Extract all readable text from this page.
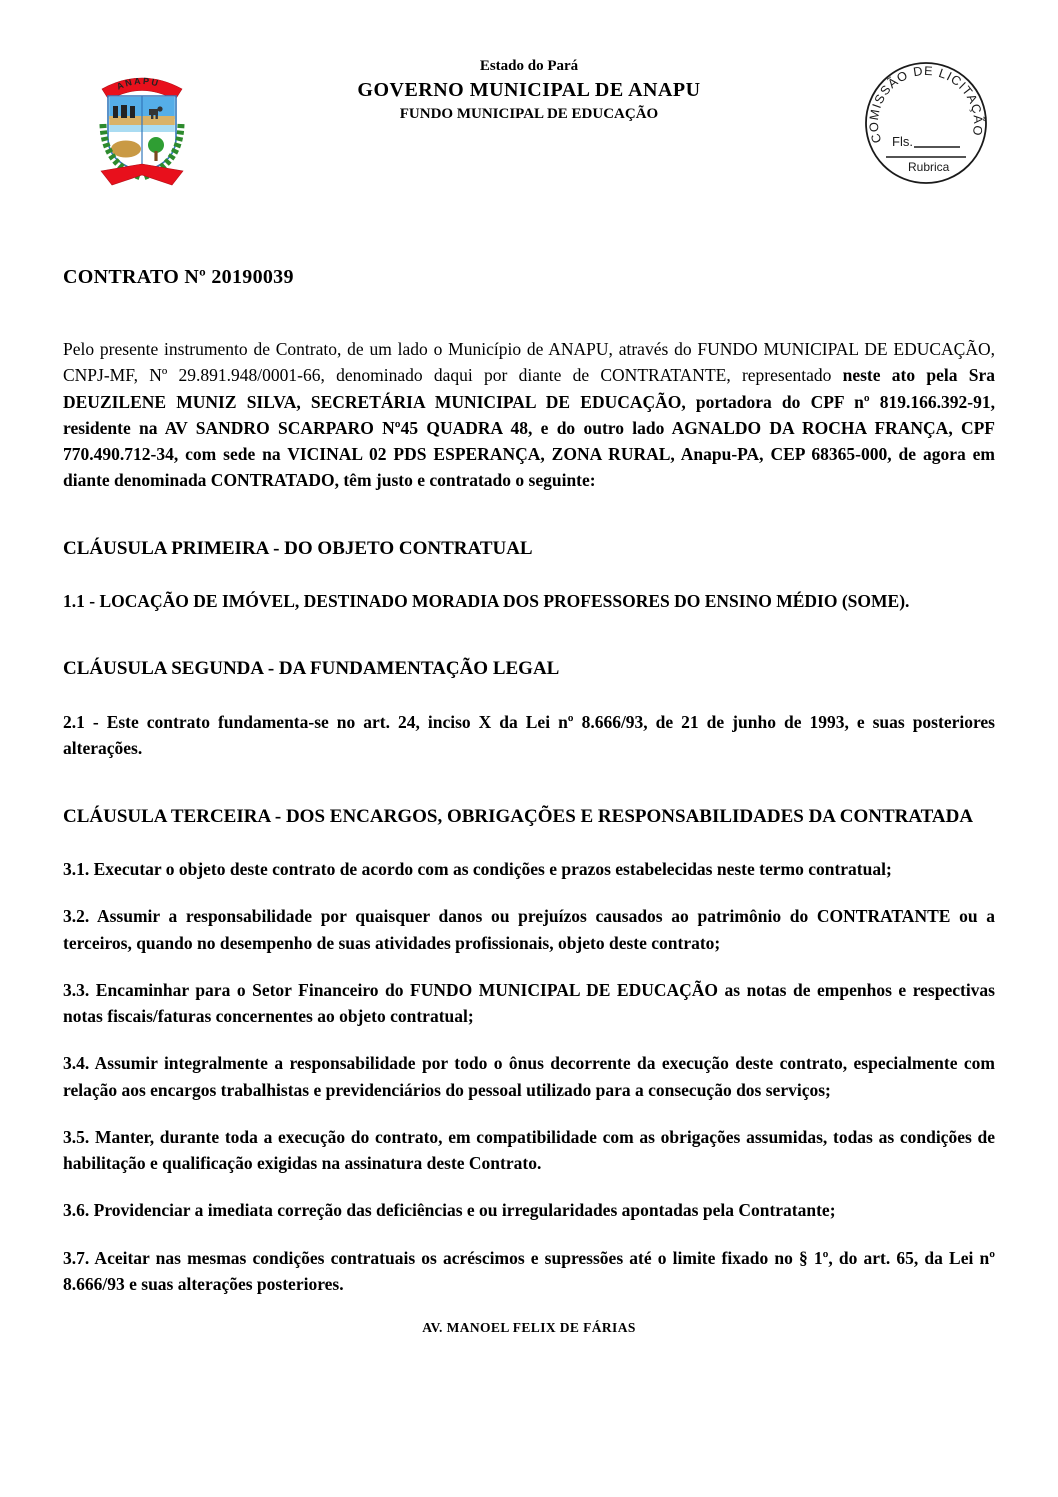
ANAPU
Estado do Pará
GOVERNO MUNICIPAL DE ANAPU
FUNDO MUNICIPAL DE EDUCAÇÃO
COMISSÃO DE LICITAÇÃO
Fls.
Rubrica
CONTRATO Nº 20190039

Pelo presente instrumento de Contrato, de um lado o Município de ANAPU, através do FUNDO MUNICIPAL DE EDUCAÇÃO, CNPJ-MF, Nº 29.891.948/0001-66, denominado daqui por diante de CONTRATANTE, representado neste ato pela Sra DEUZILENE MUNIZ SILVA, SECRETÁRIA MUNICIPAL DE EDUCAÇÃO, portadora do CPF nº 819.166.392-91, residente na AV SANDRO SCARPARO Nº45 QUADRA 48, e do outro lado AGNALDO DA ROCHA FRANÇA, CPF 770.490.712-34, com sede na VICINAL 02 PDS ESPERANÇA, ZONA RURAL, Anapu-PA, CEP 68365-000, de agora em diante denominada CONTRATADO, têm justo e contratado o seguinte:

CLÁUSULA PRIMEIRA - DO OBJETO CONTRATUAL

1.1 - LOCAÇÃO DE IMÓVEL, DESTINADO MORADIA DOS PROFESSORES DO ENSINO MÉDIO (SOME).

CLÁUSULA SEGUNDA - DA FUNDAMENTAÇÃO LEGAL

2.1 - Este contrato fundamenta-se no art. 24, inciso X da Lei nº 8.666/93, de 21 de junho de 1993, e suas posteriores alterações.

CLÁUSULA TERCEIRA - DOS ENCARGOS, OBRIGAÇÕES E RESPONSABILIDADES DA CONTRATADA

3.1. Executar o objeto deste contrato de acordo com as condições e prazos estabelecidas neste termo contratual;

3.2. Assumir a responsabilidade por quaisquer danos ou prejuízos causados ao patrimônio do CONTRATANTE ou a terceiros, quando no desempenho de suas atividades profissionais, objeto deste contrato;

3.3. Encaminhar para o Setor Financeiro do FUNDO MUNICIPAL DE EDUCAÇÃO as notas de empenhos e respectivas notas fiscais/faturas concernentes ao objeto contratual;

3.4. Assumir integralmente a responsabilidade por todo o ônus decorrente da execução deste contrato, especialmente com relação aos encargos trabalhistas e previdenciários do pessoal utilizado para a consecução dos serviços;

3.5. Manter, durante toda a execução do contrato, em compatibilidade com as obrigações assumidas, todas as condições de habilitação e qualificação exigidas na assinatura deste Contrato.

3.6. Providenciar a imediata correção das deficiências e ou irregularidades apontadas pela Contratante;

3.7. Aceitar nas mesmas condições contratuais os acréscimos e supressões até o limite fixado no § 1º, do art. 65, da Lei nº 8.666/93 e suas alterações posteriores.

AV. MANOEL FELIX DE FÁRIAS
